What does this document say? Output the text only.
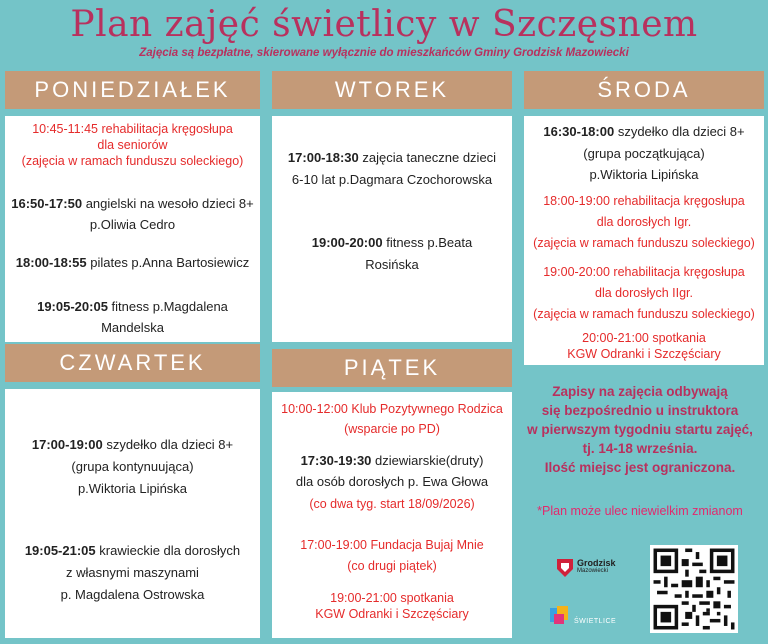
Plan zajęć świetlicy w Szczęsnem
Zajęcia są bezpłatne, skierowane wyłącznie do mieszkańców Gminy Grodzisk Mazowiecki
PONIEDZIAŁEK	WTOREK	ŚRODA
CZWARTEK	PIĄTEK
10:45-11:45 rehabilitacja kręgosłupa
dla seniorów
(zajęcia w ramach funduszu soleckiego)
16:50-17:50 angielski na wesoło dzieci 8+
p.Oliwia Cedro
18:00-18:55 pilates p.Anna Bartosiewicz
19:05-20:05 fitness p.Magdalena
Mandelska
17:00-18:30 zajęcia taneczne dzieci
6-10 lat p.Dagmara Czochorowska
19:00-20:00 fitness p.Beata
Rosińska
16:30-18:00 szydełko dla dzieci 8+
(grupa początkująca)
p.Wiktoria Lipińska
18:00-19:00 rehabilitacja kręgosłupa
dla dorosłych Igr.
(zajęcia w ramach funduszu soleckiego)
19:00-20:00 rehabilitacja kręgosłupa
dla dorosłych IIgr.
(zajęcia w ramach funduszu soleckiego)
20:00-21:00 spotkania
KGW Odranki i Szczęściary
17:00-19:00 szydełko dla dzieci 8+
(grupa kontynuująca)
p.Wiktoria Lipińska
19:05-21:05 krawieckie dla dorosłych
z własnymi maszynami
p. Magdalena Ostrowska
10:00-12:00 Klub Pozytywnego Rodzica
(wsparcie po PD)
17:30-19:30 dziewiarskie(druty)
dla osób dorosłych p. Ewa Głowa
(co dwa tyg. start 18/09/2026)
17:00-19:00 Fundacja Bujaj Mnie
(co drugi piątek)
19:00-21:00 spotkania
KGW Odranki i Szczęściary
Zapisy na zajęcia odbywają
się bezpośrednio u instruktora
w pierwszym tygodniu startu zajęć,
tj. 14-18 września.
Ilość miejsc jest ograniczona.
*Plan może ulec niewielkim zmianom
Grodzisk
Mazowiecki
ŚWIETLICE
